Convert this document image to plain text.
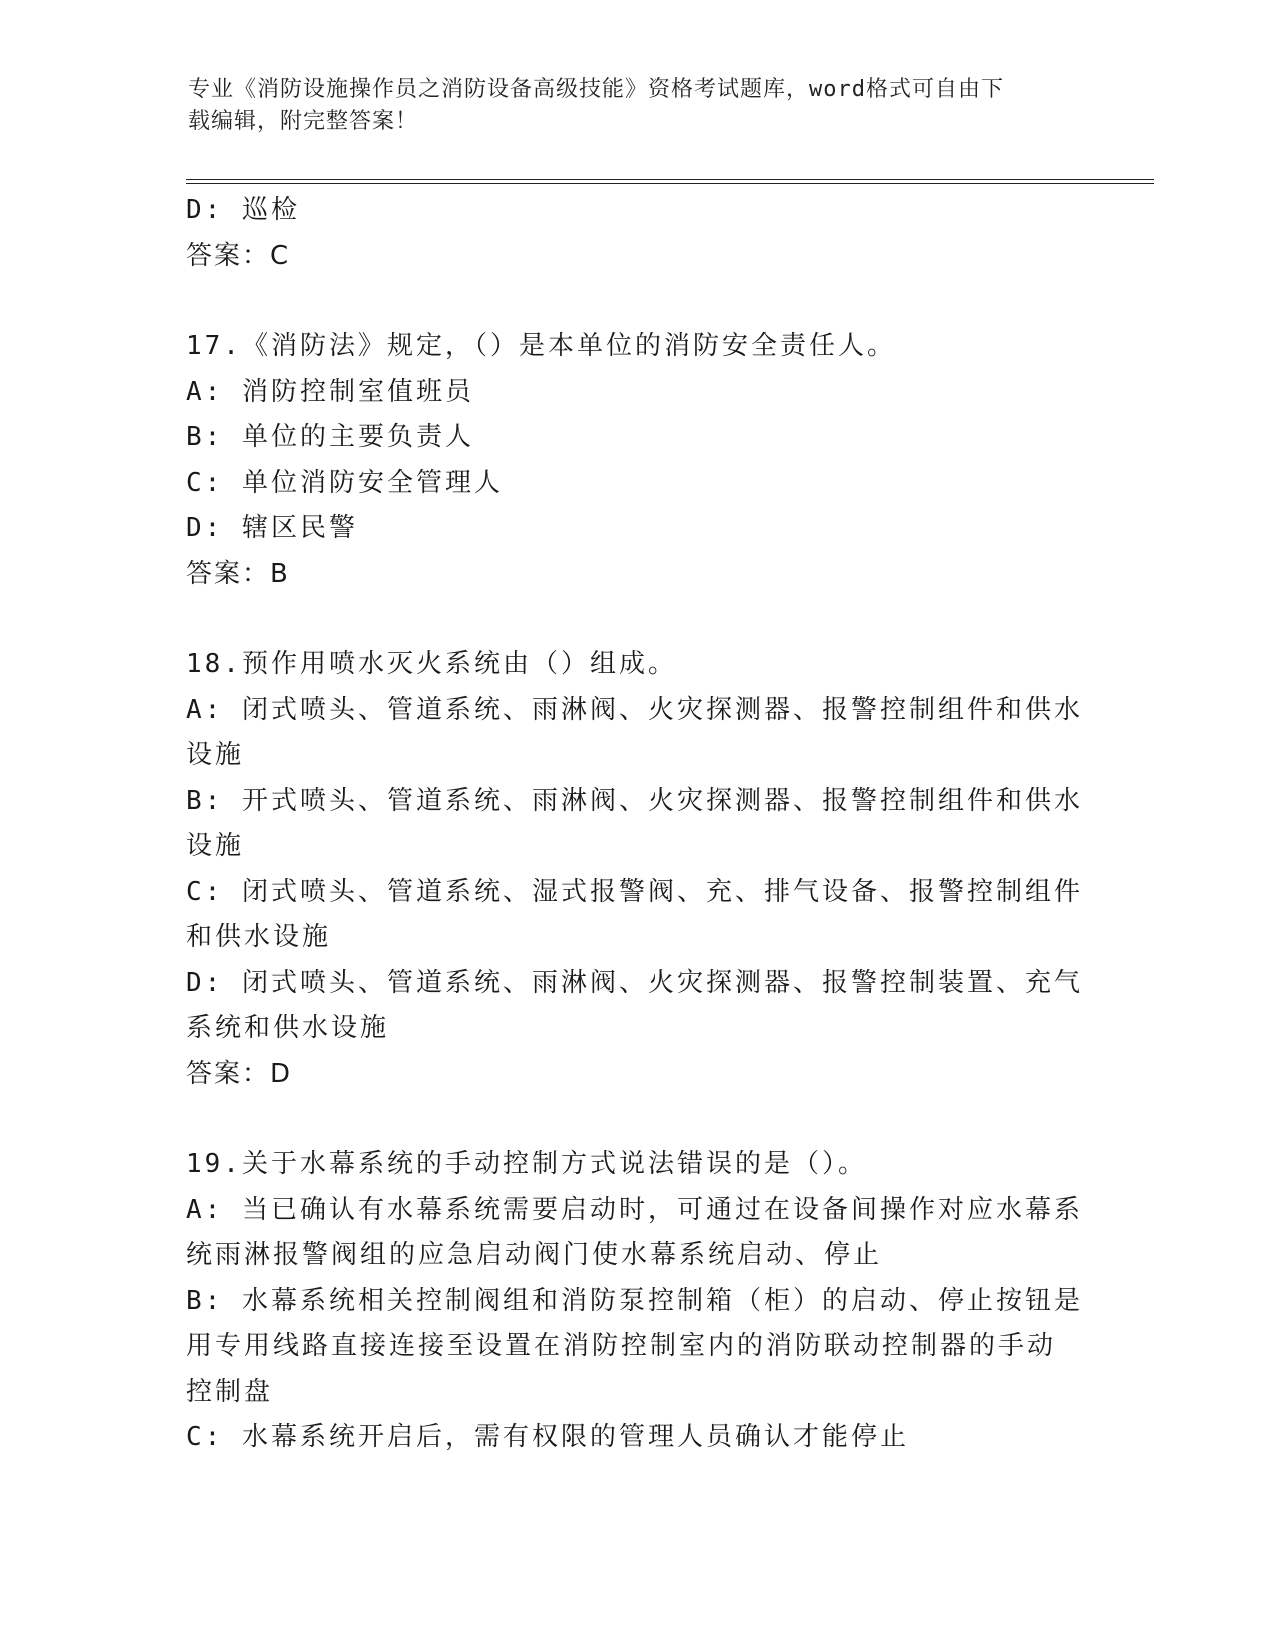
专业《消防设施操作员之消防设备高级技能》资格考试题库，word格式可自由下
载编辑，附完整答案！
D: 巡检
答案：C
17.《消防法》规定，（）是本单位的消防安全责任人。
A: 消防控制室值班员
B: 单位的主要负责人
C: 单位消防安全管理人
D: 辖区民警
答案：B
18.预作用喷水灭火系统由（）组成。
A: 闭式喷头、管道系统、雨淋阀、火灾探测器、报警控制组件和供水
设施
B: 开式喷头、管道系统、雨淋阀、火灾探测器、报警控制组件和供水
设施
C: 闭式喷头、管道系统、湿式报警阀、充、排气设备、报警控制组件
和供水设施
D: 闭式喷头、管道系统、雨淋阀、火灾探测器、报警控制装置、充气
系统和供水设施
答案：D
19.关于水幕系统的手动控制方式说法错误的是（）。
A: 当已确认有水幕系统需要启动时，可通过在设备间操作对应水幕系
统雨淋报警阀组的应急启动阀门使水幕系统启动、停止
B: 水幕系统相关控制阀组和消防泵控制箱（柜）的启动、停止按钮是
用专用线路直接连接至设置在消防控制室内的消防联动控制器的手动
控制盘
C: 水幕系统开启后，需有权限的管理人员确认才能停止
